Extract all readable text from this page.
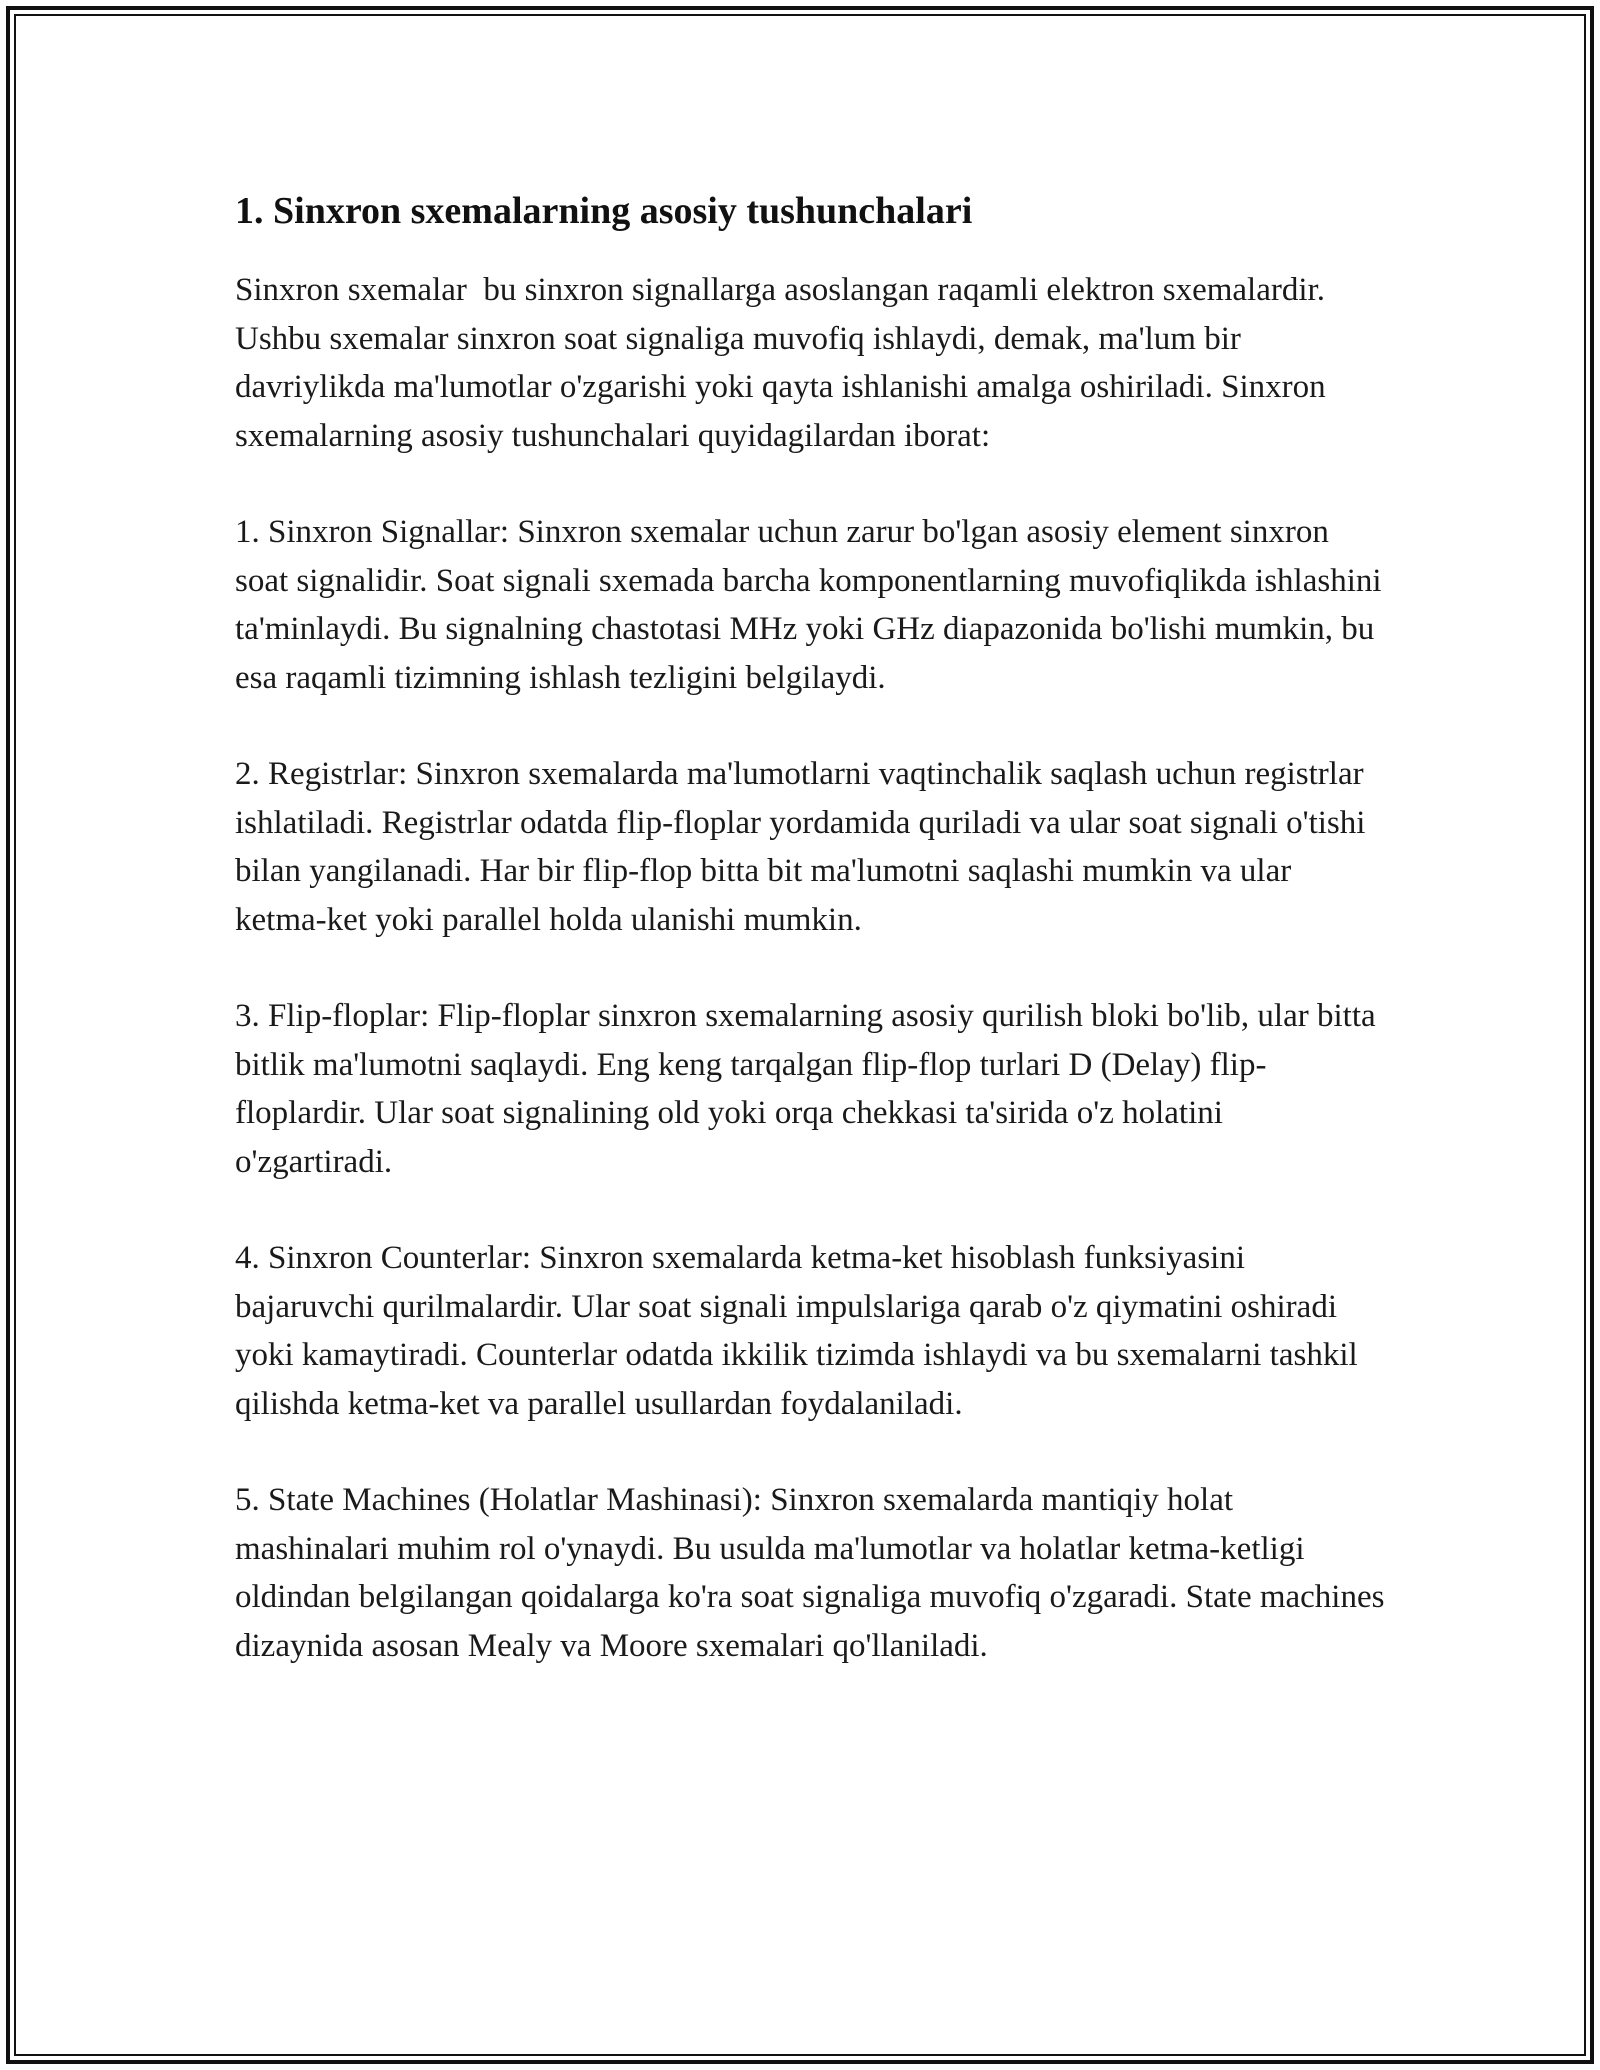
1. Sinxron sxemalarning asosiy tushunchalari

Sinxron sxemalar  bu sinxron signallarga asoslangan raqamli elektron sxemalardir. Ushbu sxemalar sinxron soat signaliga muvofiq ishlaydi, demak, ma'lum bir davriylikda ma'lumotlar o'zgarishi yoki qayta ishlanishi amalga oshiriladi. Sinxron sxemalarning asosiy tushunchalari quyidagilardan iborat:

1. Sinxron Signallar: Sinxron sxemalar uchun zarur bo'lgan asosiy element sinxron soat signalidir. Soat signali sxemada barcha komponentlarning muvofiqlikda ishlashini ta'minlaydi. Bu signalning chastotasi MHz yoki GHz diapazonida bo'lishi mumkin, bu esa raqamli tizimning ishlash tezligini belgilaydi.

2. Registrlar: Sinxron sxemalarda ma'lumotlarni vaqtinchalik saqlash uchun registrlar ishlatiladi. Registrlar odatda flip-floplar yordamida quriladi va ular soat signali o'tishi bilan yangilanadi. Har bir flip-flop bitta bit ma'lumotni saqlashi mumkin va ular ketma-ket yoki parallel holda ulanishi mumkin.

3. Flip-floplar: Flip-floplar sinxron sxemalarning asosiy qurilish bloki bo'lib, ular bitta bitlik ma'lumotni saqlaydi. Eng keng tarqalgan flip-flop turlari D (Delay) flip-floplardir. Ular soat signalining old yoki orqa chekkasi ta'sirida o'z holatini o'zgartiradi.

4. Sinxron Counterlar: Sinxron sxemalarda ketma-ket hisoblash funksiyasini bajaruvchi qurilmalardir. Ular soat signali impulslariga qarab o'z qiymatini oshiradi yoki kamaytiradi. Counterlar odatda ikkilik tizimda ishlaydi va bu sxemalarni tashkil qilishda ketma-ket va parallel usullardan foydalaniladi.

5. State Machines (Holatlar Mashinasi): Sinxron sxemalarda mantiqiy holat mashinalari muhim rol o'ynaydi. Bu usulda ma'lumotlar va holatlar ketma-ketligi oldindan belgilangan qoidalarga ko'ra soat signaliga muvofiq o'zgaradi. State machines dizaynida asosan Mealy va Moore sxemalari qo'llaniladi.
